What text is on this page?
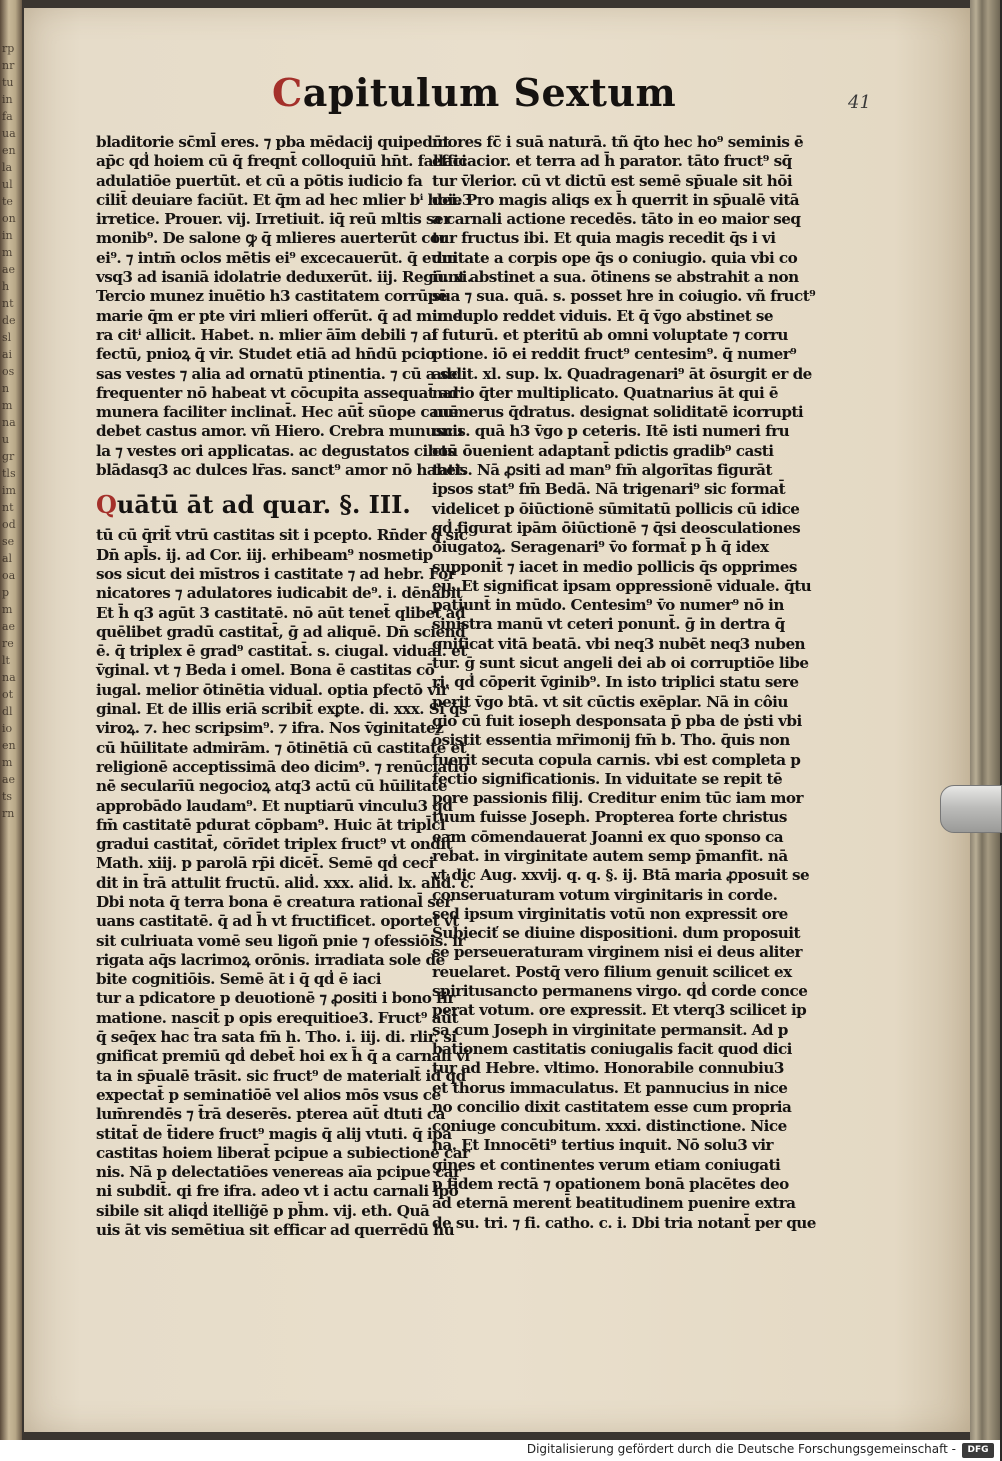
rpnrtuinfauaenlaulteoninmaehntdeslaiosnmnaugrtlsimntodsealoapmaereltnaotdlioenmaetsrn
Capitulum Sextum	41
bladitorie sc̄ml̄ eres. ⁊ pba mēdacij quipedūt
ap̄c qḋ hoiem cū q̄ freqnt̄ colloquiū hn̄t. fallaci
adulatiōe puertūt. et cū a pōtis iudicio fa
cilit̄ deuiare faciūt. Et q̄m ad hec mlier bⁱ hoie3
irretice. Prouer. vij. Irretiuit. iq̄ reū mltis ser
monib⁹. De salone ꝙ q̄ mlieres auerterūt cor
ei⁹. ⁊ intm̄ oclos mētis ei⁹ excecauerūt. q̄ eum
vsq3 ad isaniā idolatrie deduxerūt. iij. Regū. xi.
Tercio munez inuētio h3 castitatem corrūpē
marie q̄m er pte viri mlieri offerūt. q̄ ad mune
ra citⁱ allicit. Habet. n. mlier āīm debili ⁊ af
fectū, pnioꝝ q̄ vir. Studet etiā ad hn̄dū pcio
sas vestes ⁊ alia ad ornatū ptinentia. ⁊ cū a se
frequenter nō habeat vt cōcupita assequat̄ ad
munera faciliter inclinat̄. Hec aūt̄ sūope cauē
debet castus amor. vñ Hiero. Crebra munuscu
la ⁊ vestes ori applicatas. ac degustatos cibos
blādasq3 ac dulces lr̄as. sanct⁹ amor nō habet.
Quātū āt ad quar. §. III.
tū cū q̄rit̄ vtrū castitas sit i pcepto. Rn̄der q̄ sic
Dn̄ apl̄s. ij. ad Cor. iij. erhibeam⁹ nosmetip
sos sicut dei mīstros i castitate ⁊ ad hebr. For
nicatores ⁊ adulatores iudicabit de⁹. i. dēnabit
Et h̄ q3 agūt 3 castitatē. nō aūt tenet̄ qlibet ad
quēlibet gradū castitat̄, ḡ ad aliquē. Dn̄ sciend̄
ē. q̄ triplex ē grad⁹ castitat̄. s. ciugal. vidual. et
v̄ginal. vt ⁊ Beda i omel. Bona ē castitas cō
iugal. melior ōtinētia vidual. optia pfectō vir
ginal. Et de illis eriā scribit̄ exꝑte. di. xxx. Si q̄s
viroꝝ. ⁊. hec scripsim⁹. ⁊ ifra. Nos v̄ginitatez
cū hūilitate admirām. ⁊ ōtinētiā cū castitate et
religionē acceptissimā deo dicim⁹. ⁊ renūciatio
nē secularīū negocioꝝ atq3 actū cū hūilitate
approbādo laudam⁹. Et nuptiarū vinculu3 qḋ
fm̄ castitatē pdurat cōpbam⁹. Huic āt tripl̄ci
gradui castitat̄, cōrīdet triplex fruct⁹ vt ondit̄
Math. xiij. p parolā rp̄i dicēt̄. Semē qḋ ceci
dit in t̄rā attulit fructū. aliḋ. xxx. aliḋ. lx. aliḋ. c.
Dbi nota q̄ terra bona ē creatura rational̄ ser
uans castitatē. q̄ ad h̄ vt fructificet. oportet vt
sit culriuata vomē seu ligoñ pnie ⁊ ofessiōis. ir
rigata aq̄s lacrimoꝝ orōnis. irradiata sole de
bite cognitiōis. Semē āt i q̄ qḋ ē iaci
tur a pdicatore p deuotionē ⁊ ꝓositi i bono fir
matione. nascit̄ p opis erequitioe3. Fruct⁹ aūt̄
q̄ seq̄ex hac t̄ra sata fm̄ h. Tho. i. iij. di. rlir. si
gnificat premiū qḋ debet̄ hoi ex h̄ q̄ a carnali vi
ta in sp̄ualē trāsit. sic fruct⁹ de materialt̄ id qḋ
expectat̄ p seminatiōē vel alios mōs vsus ce
lum̄rendēs ⁊ t̄rā deserēs. pterea aūt̄ dtuti ca
stitat̄ de t̄idere fruct⁹ magis q̄ alij vtuti. q̄ ipa
castitas hoiem liberat̄ pcipue a subiectione car
nis. Nā p delectatiōes venereas aīa pcipue car
ni subdit̄. qi fre ifra. adeo vt i actu carnali ipō
sibile sit aliqḋ itellig̃ē p ph̄m. vij. eth. Quā
uis āt vis semētiua sit efficar ad querrēdū hu
mores fc̄ i suā naturā. tñ q̄to hec ho⁹ seminis ē
efficacior. et terra ad h̄ parator. tāto fruct⁹ sq̄
tur v̄lerior. cū vt dictū est semē sp̄uale sit hōi
dei. Pro magis aliqs ex h̄ querrit in sp̄ualē vitā
a carnali actione recedēs. tāto in eo maior seq
tur fructus ibi. Et quia magis recedit q̄s i vi
duitate a corpis ope q̄s o coniugio. quia vbi co
iunt abstinet a sua. ōtinens se abstrahit a non
sua ⁊ sua. quā. s. posset hre in coiugio. vñ fruct⁹
in duplo reddet viduis. Et q̄ v̄go abstinet se
i futurū. et pteritū ab omni voluptate ⁊ corru
ptione. iō ei reddit fruct⁹ centesim⁹. q̄ numer⁹
addit. xl. sup. lx. Quadragenari⁹ āt ōsurgit er de
nario q̄ter multiplicato. Quatnarius āt qui ē
numerus q̄dratus. designat soliditatē icorrupti
onis. quā h3 v̄go p ceteris. Itē isti numeri fru
ctū ōuenient adaptant̄ pdictis gradib⁹ casti
tatis. Nā ꝓsiti ad man⁹ fm̄ algorītas figurāt
ipsos stat⁹ fm̄ Bedā. Nā trigenari⁹ sic format̄
videlicet p ōiūctionē sūmitatū pollicis cū idice
qḋ figurat ipām ōiūctionē ⁊ q̄si deosculationes
ōiugatoꝝ. Seragenari⁹ v̄o format̄ p h̄ q̄ idex
supponit̄ ⁊ iacet in medio pollicis q̄s opprimes
eū. Et significat ipsam oppressionē viduale. q̄tu
patiunt̄ in mūdo. Centesim⁹ v̄o numer⁹ nō in
sinistra manū vt ceteri ponunt̄. ḡ in dertra q̄
gnificat vitā beatā. vbi neq3 nubēt neq3 nuben
tur. ḡ sunt sicut angeli dei ab oi corruptiōe libe
ri. qḋ cōperit v̄ginib⁹. In isto triplici statu sere
perit v̄go btā. vt sit cūctis exēplar. Nā in côiu
gio cū fuit ioseph desponsata p̄ pba de ṗsti vbi
ōsistit essentia mr̄imonij fm̄ b. Tho. q̄uis non
fuerit secuta copula carnis. vbi est completa p
fectio significationis. In viduitate se repit tē
pore passionis filij. Creditur enim tūc iam mor
tuum fuisse Joseph. Propterea forte christus
eam cōmendauerat Joanni ex quo sponso ca
rebat. in virginitate autem semp p̄manfit. nā
vt dic Aug. xxvij. q. q. §. ij. Btā maria ꝓposuit se
conseruaturam votum virginitaris in corde.
sed ipsum virginitatis votū non expressit ore
Subieciť se diuine dispositioni. dum proposuit
se perseueraturam virginem nisi ei deus aliter
reuelaret. Postq̄ vero filium genuit scilicet ex
spiritusancto permanens virgo. qḋ corde conce
perat votum. ore expressit. Et vterq3 scilicet ip
sa cum Joseph in virginitate permansit. Ad p
bationem castitatis coniugalis facit quod dici
tur ad Hebre. vltimo. Honorabile connubiu3
et thorus immaculatus. Et pannucius in nice
no concilio dixit castitatem esse cum propria
coniuge concubitum. xxxi. distinctione. Nice
na. Et Innocēti⁹ tertius inquit. Nō solu3 vir
gines et continentes verum etiam coniugati
p fidem rectā ⁊ opationem bonā placētes deo
ad eternā merent̄ beatitudinem puenire extra
de su. tri. ⁊ fi. catho. c. i. Dbi tria notant̄ per que
Digitalisierung gefördert durch die Deutsche Forschungsgemeinschaft -	DFG
